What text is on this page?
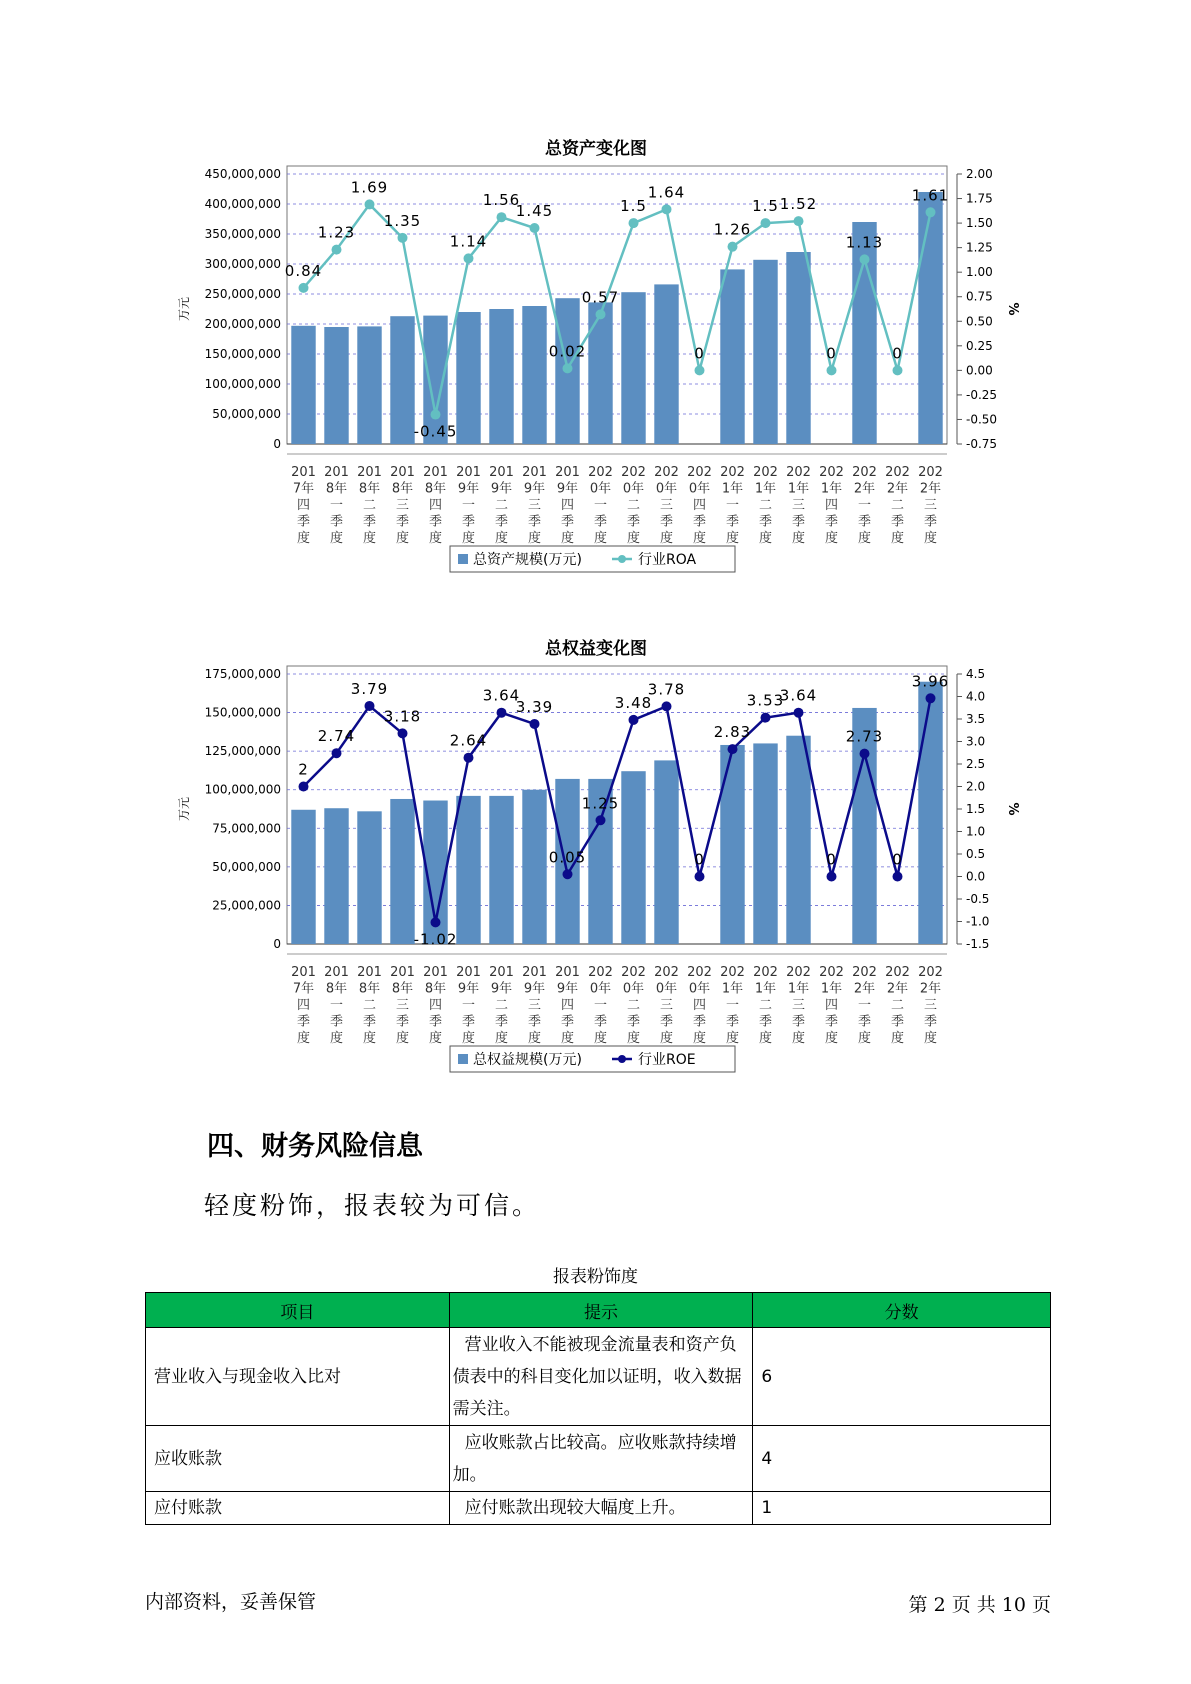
总资产变化图
0
50,000,000
100,000,000
150,000,000
200,000,000
250,000,000
300,000,000
350,000,000
400,000,000
450,000,000
-0.75
-0.50
-0.25
0.00
0.25
0.50
0.75
1.00
1.25
1.50
1.75
2.00
万元	%
0.84
1.23
1.69
1.35
-0.45
1.14
1.56
1.45
0.02
0.57
1.5
1.64
0
1.26
1.5 1.52
0
1.13
0
1.61
201
7年
四
季
度
201
8年
一
季
度
201
8年
二
季
度
201
8年
三
季
度
201
8年
四
季
度
201
9年
一
季
度
201
9年
二
季
度
201
9年
三
季
度
201
9年
四
季
度
202
0年
一
季
度
202
0年
二
季
度
202
0年
三
季
度
202
0年
四
季
度
202
1年
一
季
度
202
1年
二
季
度
202
1年
三
季
度
202
1年
四
季
度
202
2年
一
季
度
202
2年
二
季
度
202
2年
三
季
度
总资产规模(万元)	行业ROA
总权益变化图
0
25,000,000
50,000,000
75,000,000
100,000,000
125,000,000
150,000,000
175,000,000
-1.5
-1.0
-0.5
0.0
0.5
1.0
1.5
2.0
2.5
3.0
3.5
4.0
4.5
万元	%
2
2.74
3.79
3.18
-1.02
2.64
3.64
3.39
0.05
1.25
3.48
3.78
0
2.83
3.53
3.64
0
2.73
0
3.96
201
7年
四
季
度
201
8年
一
季
度
201
8年
二
季
度
201
8年
三
季
度
201
8年
四
季
度
201
9年
一
季
度
201
9年
二
季
度
201
9年
三
季
度
201
9年
四
季
度
202
0年
一
季
度
202
0年
二
季
度
202
0年
三
季
度
202
0年
四
季
度
202
1年
一
季
度
202
1年
二
季
度
202
1年
三
季
度
202
1年
四
季
度
202
2年
一
季
度
202
2年
二
季
度
202
2年
三
季
度
总权益规模(万元)	行业ROE
四、财务风险信息
轻度粉饰，报表较为可信。
报表粉饰度
项目	提示	分数
营业收入与现金收入比对	营业收入不能被现金流量表和资产负债表中的科目变化加以证明，收入数据需关注。	6
应收账款	应收账款占比较高。应收账款持续增加。	4
应付账款	应付账款出现较大幅度上升。	1
内部资料，妥善保管	第 2 页 共 10 页
